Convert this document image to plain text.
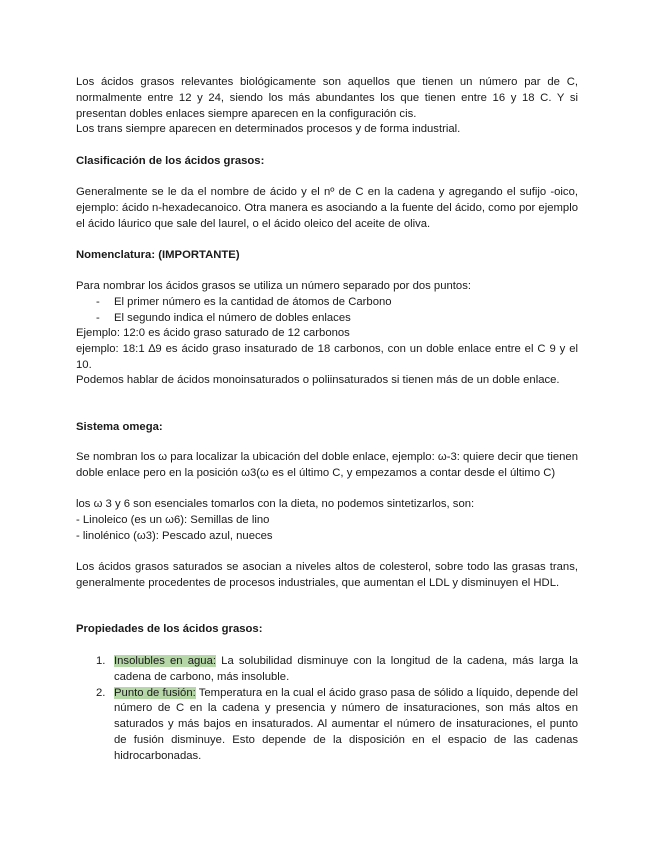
Los ácidos grasos relevantes biológicamente son aquellos que tienen un número par de C, normalmente entre 12 y 24, siendo los más abundantes los que tienen entre 16 y 18 C. Y si presentan dobles enlaces siempre aparecen en la configuración cis.

Los trans siempre aparecen en determinados procesos y de forma industrial.

Clasificación de los ácidos grasos:

Generalmente se le da el nombre de ácido y el nº de C en la cadena y agregando el sufijo -oico, ejemplo: ácido n-hexadecanoico. Otra manera es asociando a la fuente del ácido, como por ejemplo el ácido láurico que sale del laurel, o el ácido oleico del aceite de oliva.

Nomenclatura: (IMPORTANTE)

Para nombrar los ácidos grasos se utiliza un número separado por dos puntos:

- El primer número es la cantidad de átomos de Carbono
- El segundo indica el número de dobles enlaces

Ejemplo: 12:0 es ácido graso saturado de 12 carbonos

ejemplo: 18:1 ∆9 es ácido graso insaturado de 18 carbonos, con un doble enlace entre el C 9 y el 10.

Podemos hablar de ácidos monoinsaturados o poliinsaturados si tienen más de un doble enlace.

Sistema omega:

Se nombran los ω para localizar la ubicación del doble enlace, ejemplo: ω-3: quiere decir que tienen doble enlace pero en la posición ω3(ω es el último C, y empezamos a contar desde el último C)

los ω 3 y 6 son esenciales tomarlos con la dieta, no podemos sintetizarlos, son:

- Linoleico (es un ω6): Semillas de lino

- linolénico (ω3): Pescado azul, nueces

Los ácidos grasos saturados se asocian a niveles altos de colesterol, sobre todo las grasas trans, generalmente procedentes de procesos industriales, que aumentan el LDL y disminuyen el HDL.

Propiedades de los ácidos grasos:

1. Insolubles en agua: La solubilidad disminuye con la longitud de la cadena, más larga la cadena de carbono, más insoluble.
2. Punto de fusión: Temperatura en la cual el ácido graso pasa de sólido a líquido, depende del número de C en la cadena y presencia y número de insaturaciones, son más altos en saturados y más bajos en insaturados. Al aumentar el número de insaturaciones, el punto de fusión disminuye. Esto depende de la disposición en el espacio de las cadenas hidrocarbonadas.
